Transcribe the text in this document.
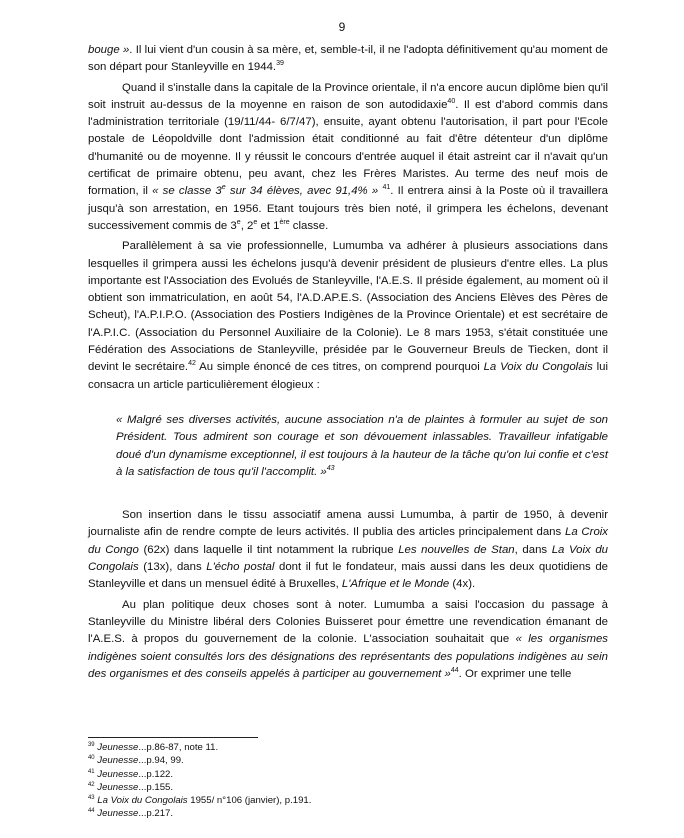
9

bouge ». Il lui vient d'un cousin à sa mère, et, semble-t-il, il ne l'adopta définitivement qu'au moment de son départ pour Stanleyville en 1944.39

Quand il s'installe dans la capitale de la Province orientale, il n'a encore aucun diplôme bien qu'il soit instruit au-dessus de la moyenne en raison de son autodidaxie$^{40}$. Il est d'abord commis dans l'administration territoriale (19/11/44- 6/7/47), ensuite, ayant obtenu l'autorisation, il part pour l'Ecole postale de Léopoldville dont l'admission était conditionné au fait d'être détenteur d'un diplôme d'humanité ou de moyenne. Il y réussit le concours d'entrée auquel il était astreint car il n'avait qu'un certificat de primaire obtenu, peu avant, chez les Frères Maristes. Au terme des neuf mois de formation, il « se classe 3e sur 34 élèves, avec 91,4% » $^{41}$. Il entrera ainsi à la Poste où il travaillera jusqu'à son arrestation, en 1956. Etant toujours très bien noté, il grimpera les échelons, devenant successivement commis de 3e, 2e et 1ère classe.

Parallèlement à sa vie professionnelle, Lumumba va adhérer à plusieurs associations dans lesquelles il grimpera aussi les échelons jusqu'à devenir président de plusieurs d'entre elles. La plus importante est l'Association des Evolués de Stanleyville, l'A.E.S. Il préside également, au moment où il obtient son immatriculation, en août 54, l'A.D.AP.E.S. (Association des Anciens Elèves des Pères de Scheut), l'A.P.I.P.O. (Association des Postiers Indigènes de la Province Orientale) et est secrétaire de l'A.P.I.C. (Association du Personnel Auxiliaire de la Colonie). Le 8 mars 1953, s'était constituée une Fédération des Associations de Stanleyville, présidée par le Gouverneur Breuls de Tiecken, dont il devint le secrétaire.$^{42}$ Au simple énoncé de ces titres, on comprend pourquoi La Voix du Congolais lui consacra un article particulièrement élogieux :

« Malgré ses diverses activités, aucune association n'a de plaintes à formuler au sujet de son Président. Tous admirent son courage et son dévouement inlassables. Travailleur infatigable doué d'un dynamisme exceptionnel, il est toujours à la hauteur de la tâche qu'on lui confie et c'est à la satisfaction de tous qu'il l'accomplit. »$^{43}$

Son insertion dans le tissu associatif amena aussi Lumumba, à partir de 1950, à devenir journaliste afin de rendre compte de leurs activités. Il publia des articles principalement dans La Croix du Congo (62x) dans laquelle il tint notamment la rubrique Les nouvelles de Stan, dans La Voix du Congolais (13x), dans L'écho postal dont il fut le fondateur, mais aussi dans les deux quotidiens de Stanleyville et dans un mensuel édité à Bruxelles, L'Afrique et le Monde (4x).

Au plan politique deux choses sont à noter. Lumumba a saisi l'occasion du passage à Stanleyville du Ministre libéral ders Colonies Buisseret pour émettre une revendication émanant de l'A.E.S. à propos du gouvernement de la colonie. L'association souhaitait que « les organismes indigènes soient consultés lors des désignations des représentants des populations indigènes au sein des organismes et des conseils appelés à participer au gouvernement »$^{44}$. Or exprimer une telle

$^{39}$ Jeunesse...p.86-87, note 11.
$^{40}$ Jeunesse...p.94, 99.
$^{41}$ Jeunesse...p.122.
$^{42}$ Jeunesse...p.155.
$^{43}$ La Voix du Congolais 1955/ n°106 (janvier), p.191.
$^{44}$ Jeunesse...p.217.
